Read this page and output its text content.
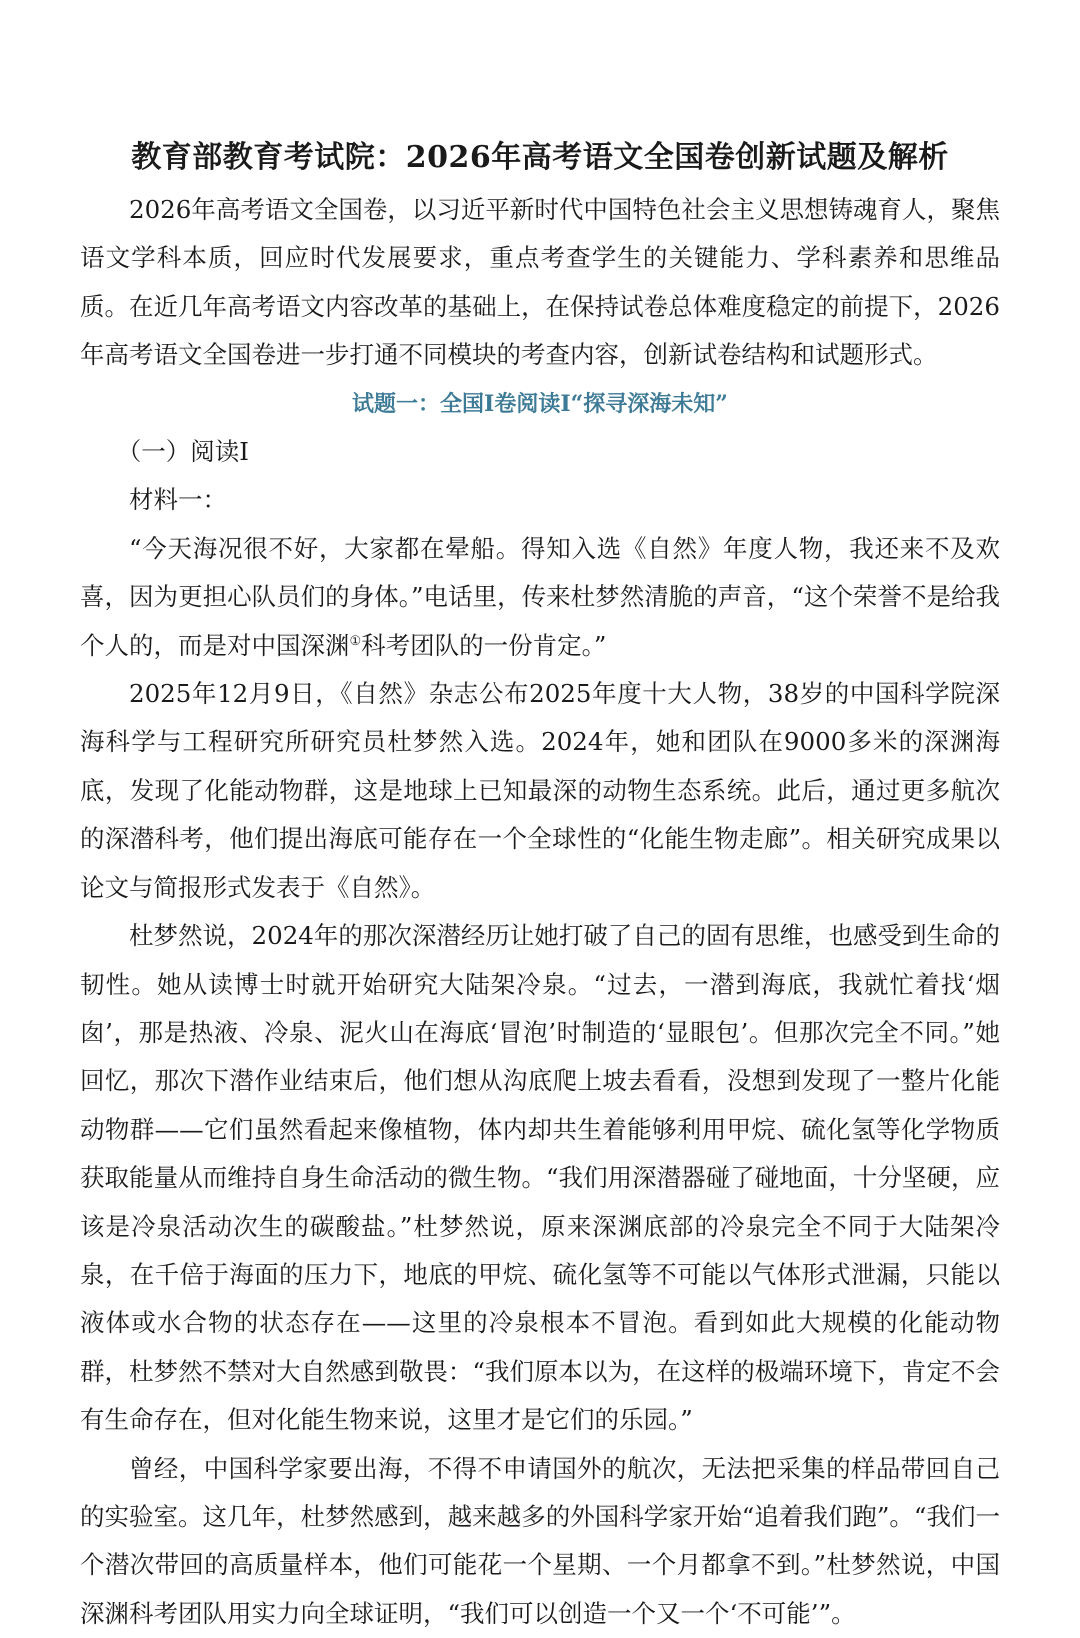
教育部教育考试院：2026年高考语文全国卷创新试题及解析

2026年高考语文全国卷，以习近平新时代中国特色社会主义思想铸魂育人，聚焦语文学科本质，回应时代发展要求，重点考查学生的关键能力、学科素养和思维品质。在近几年高考语文内容改革的基础上，在保持试卷总体难度稳定的前提下，2026年高考语文全国卷进一步打通不同模块的考查内容，创新试卷结构和试题形式。

试题一：全国Ⅰ卷阅读Ⅰ“探寻深海未知”

（一）阅读Ⅰ

材料一：

“今天海况很不好，大家都在晕船。得知入选《自然》年度人物，我还来不及欢喜，因为更担心队员们的身体。”电话里，传来杜梦然清脆的声音，“这个荣誉不是给我个人的，而是对中国深渊①科考团队的一份肯定。”

2025年12月9日，《自然》杂志公布2025年度十大人物，38岁的中国科学院深海科学与工程研究所研究员杜梦然入选。2024年，她和团队在9000多米的深渊海底，发现了化能动物群，这是地球上已知最深的动物生态系统。此后，通过更多航次的深潜科考，他们提出海底可能存在一个全球性的“化能生物走廊”。相关研究成果以论文与简报形式发表于《自然》。

杜梦然说，2024年的那次深潜经历让她打破了自己的固有思维，也感受到生命的韧性。她从读博士时就开始研究大陆架冷泉。“过去，一潜到海底，我就忙着找‘烟囱’，那是热液、冷泉、泥火山在海底‘冒泡’时制造的‘显眼包’。但那次完全不同。”她回忆，那次下潜作业结束后，他们想从沟底爬上坡去看看，没想到发现了一整片化能动物群——它们虽然看起来像植物，体内却共生着能够利用甲烷、硫化氢等化学物质获取能量从而维持自身生命活动的微生物。“我们用深潜器碰了碰地面，十分坚硬，应该是冷泉活动次生的碳酸盐。”杜梦然说，原来深渊底部的冷泉完全不同于大陆架冷泉，在千倍于海面的压力下，地底的甲烷、硫化氢等不可能以气体形式泄漏，只能以液体或水合物的状态存在——这里的冷泉根本不冒泡。看到如此大规模的化能动物群，杜梦然不禁对大自然感到敬畏：“我们原本以为，在这样的极端环境下，肯定不会有生命存在，但对化能生物来说，这里才是它们的乐园。”

曾经，中国科学家要出海，不得不申请国外的航次，无法把采集的样品带回自己的实验室。这几年，杜梦然感到，越来越多的外国科学家开始“追着我们跑”。“我们一个潜次带回的高质量样本，他们可能花一个星期、一个月都拿不到。”杜梦然说，中国深渊科考团队用实力向全球证明，“我们可以创造一个又一个‘不可能’”。
